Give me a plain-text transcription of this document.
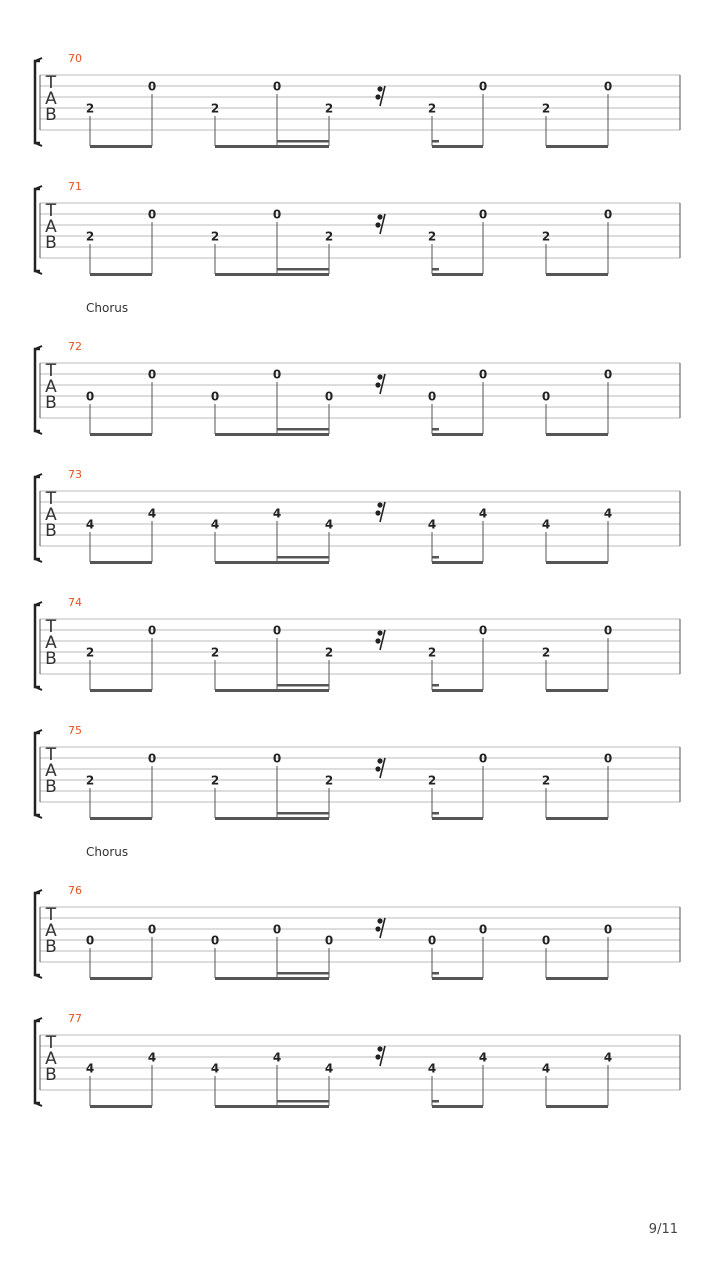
70
T
A
B 2
0
2
0
2	2
0
2
0
71
T
A
B 2
0
2
0
2	2
0
2
0
Chorus
72
T
A
B 0
0
0
0
0	0
0
0
0
73
T
A
B 4
4
4
4
4	4
4
4
4
74
T
A
B 2
0
2
0
2	2
0
2
0
75
T
A
B 2
0
2
0
2	2
0
2
0
Chorus
76
T
A
B 0
0
0
0
0	0
0
0
0
77
T
A
B 4
4
4
4
4	4
4
4
4
9/11
